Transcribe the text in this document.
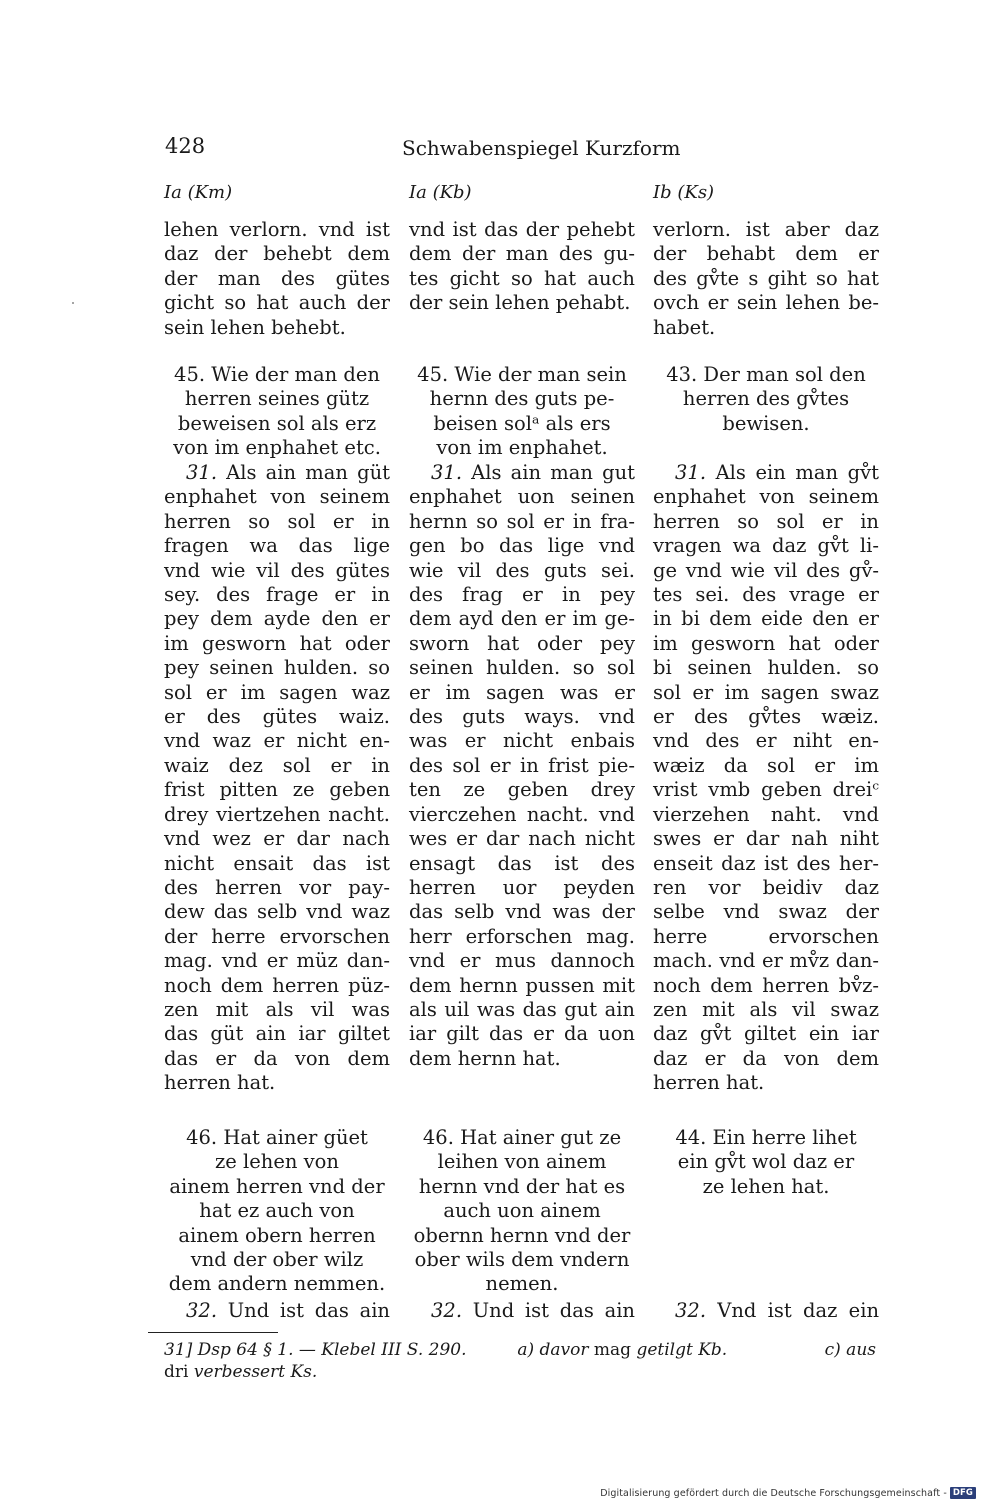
428	Schwabenspiegel Kurzform
Ia (Km)
lehen verlorn. vnd ist
daz der behebt dem
der man des gütes
gicht so hat auch der
sein lehen behebt.
45. Wie der man den
herren seines gütz
beweisen sol als erz
von im enphahet etc.
31. Als ain man güt
enphahet von seinem
herren so sol er in
fragen wa das lige
vnd wie vil des gütes
sey. des frage er in
pey dem ayde den er
im gesworn hat oder
pey seinen hulden. so
sol er im sagen waz
er des gütes waiz.
vnd waz er nicht en-
waiz dez sol er in
frist pitten ze geben
drey viertzehen nacht.
vnd wez er dar nach
nicht ensait das ist
des herren vor pay-
dew das selb vnd waz
der herre ervorschen
mag. vnd er müz dan-
noch dem herren püz-
zen mit als vil was
das güt ain iar giltet
das er da von dem
herren hat.
46. Hat ainer güet
ze lehen von
ainem herren vnd der
hat ez auch von
ainem obern herren
vnd der ober wilz
dem andern nemmen.
32. Und ist das ain
Ia (Kb)
vnd ist das der pehebt
dem der man des gu-
tes gicht so hat auch
der sein lehen pehabt.
45. Wie der man sein
hernn des guts pe-
beisen solᵃ als ers
von im enphahet.
31. Als ain man gut
enphahet uon seinen
hernn so sol er in fra-
gen bo das lige vnd
wie vil des guts sei.
des frag er in pey
dem ayd den er im ge-
sworn hat oder pey
seinen hulden. so sol
er im sagen was er
des guts ways. vnd
was er nicht enbais
des sol er in frist pie-
ten ze geben drey
vierczehen nacht. vnd
wes er dar nach nicht
ensagt das ist des
herren uor peyden
das selb vnd was der
herr erforschen mag.
vnd er mus dannoch
dem hernn pussen mit
als uil was das gut ain
iar gilt das er da uon
dem hernn hat.
46. Hat ainer gut ze
leihen von ainem
hernn vnd der hat es
auch uon ainem
obernn hernn vnd der
ober wils dem vndern
nemen.
32. Und ist das ain
Ib (Ks)
verlorn. ist aber daz
der behabt dem er
des gv̊te s giht so hat
ovch er sein lehen be-
habet.
43. Der man sol den
herren des gv̊tes
bewisen.
31. Als ein man gv̊t
enphahet von seinem
herren so sol er in
vragen wa daz gv̊t li-
ge vnd wie vil des gv̊-
tes sei. des vrage er
in bi dem eide den er
im gesworn hat oder
bi seinen hulden. so
sol er im sagen swaz
er des gv̊tes wæiz.
vnd des er niht en-
wæiz da sol er im
vrist vmb geben dreiᶜ
vierzehen naht. vnd
swes er dar nah niht
enseit daz ist des her-
ren vor beidiv daz
selbe vnd swaz der
herre ervorschen
mach. vnd er mv̊z dan-
noch dem herren bv̊z-
zen mit als vil swaz
daz gv̊t giltet ein iar
daz er da von dem
herren hat.
44. Ein herre lihet
ein gv̊t wol daz er
ze lehen hat.
32. Vnd ist daz ein
31] Dsp 64 § 1. — Klebel III S. 290.	a) davor mag getilgt Kb.	c) aus
dri verbessert Ks.
Digitalisierung gefördert durch die Deutsche Forschungsgemeinschaft - DFG
